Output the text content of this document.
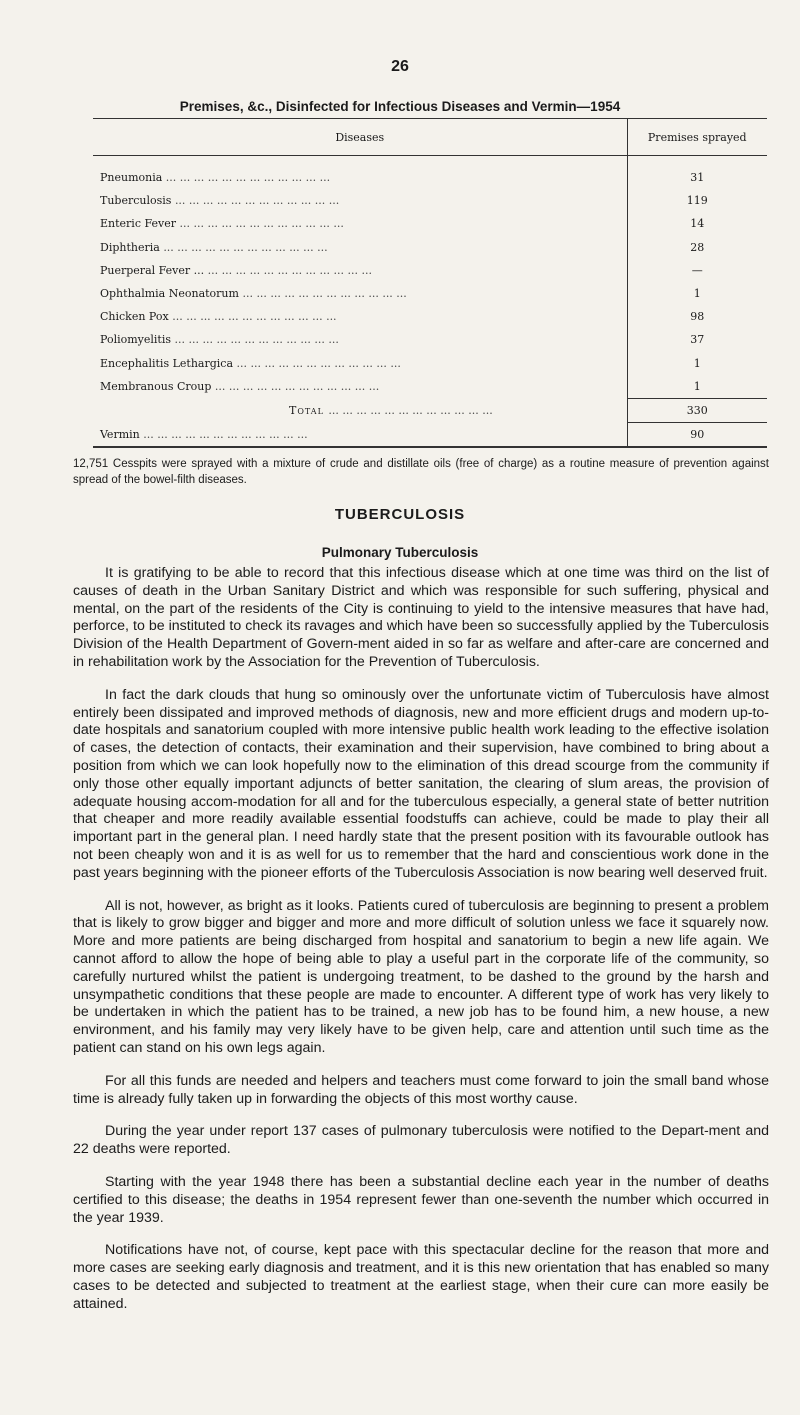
26
Premises, &c., Disinfected for Infectious Diseases and Vermin—1954
Diseases	Premises sprayed

Pneumonia ... ... ... ... ... ... ... ... ... ... ... ...	31
Tuberculosis ... ... ... ... ... ... ... ... ... ... ... ...	119
Enteric Fever ... ... ... ... ... ... ... ... ... ... ... ...	14
Diphtheria ... ... ... ... ... ... ... ... ... ... ... ...	28
Puerperal Fever ... ... ... ... ... ... ... ... ... ... ... ... ...	—
Ophthalmia Neonatorum ... ... ... ... ... ... ... ... ... ... ... ...	1
Chicken Pox ... ... ... ... ... ... ... ... ... ... ... ...	98
Poliomyelitis ... ... ... ... ... ... ... ... ... ... ... ...	37
Encephalitis Lethargica ... ... ... ... ... ... ... ... ... ... ... ...	1
Membranous Croup ... ... ... ... ... ... ... ... ... ... ... ...	1
Total ... ... ... ... ... ... ... ... ... ... ... ...	330
Vermin ... ... ... ... ... ... ... ... ... ... ... ...	90
12,751 Cesspits were sprayed with a mixture of crude and distillate oils (free of charge) as a routine measure of prevention against spread of the bowel-filth diseases.
TUBERCULOSIS
Pulmonary Tuberculosis

It is gratifying to be able to record that this infectious disease which at one time was third on the list of causes of death in the Urban Sanitary District and which was responsible for such suffering, physical and mental, on the part of the residents of the City is continuing to yield to the intensive measures that have had, perforce, to be instituted to check its ravages and which have been so successfully applied by the Tuberculosis Division of the Health Department of Govern-ment aided in so far as welfare and after-care are concerned and in rehabilitation work by the Association for the Prevention of Tuberculosis.

In fact the dark clouds that hung so ominously over the unfortunate victim of Tuberculosis have almost entirely been dissipated and improved methods of diagnosis, new and more efficient drugs and modern up-to-date hospitals and sanatorium coupled with more intensive public health work leading to the effective isolation of cases, the detection of contacts, their examination and their supervision, have combined to bring about a position from which we can look hopefully now to the elimination of this dread scourge from the community if only those other equally important adjuncts of better sanitation, the clearing of slum areas, the provision of adequate housing accom-modation for all and for the tuberculous especially, a general state of better nutrition that cheaper and more readily available essential foodstuffs can achieve, could be made to play their all important part in the general plan. I need hardly state that the present position with its favourable outlook has not been cheaply won and it is as well for us to remember that the hard and conscientious work done in the past years beginning with the pioneer efforts of the Tuberculosis Association is now bearing well deserved fruit.

All is not, however, as bright as it looks. Patients cured of tuberculosis are beginning to present a problem that is likely to grow bigger and bigger and more and more difficult of solution unless we face it squarely now. More and more patients are being discharged from hospital and sanatorium to begin a new life again. We cannot afford to allow the hope of being able to play a useful part in the corporate life of the community, so carefully nurtured whilst the patient is undergoing treatment, to be dashed to the ground by the harsh and unsympathetic conditions that these people are made to encounter. A different type of work has very likely to be undertaken in which the patient has to be trained, a new job has to be found him, a new house, a new environment, and his family may very likely have to be given help, care and attention until such time as the patient can stand on his own legs again.

For all this funds are needed and helpers and teachers must come forward to join the small band whose time is already fully taken up in forwarding the objects of this most worthy cause.

During the year under report 137 cases of pulmonary tuberculosis were notified to the Depart-ment and 22 deaths were reported.

Starting with the year 1948 there has been a substantial decline each year in the number of deaths certified to this disease; the deaths in 1954 represent fewer than one-seventh the number which occurred in the year 1939.

Notifications have not, of course, kept pace with this spectacular decline for the reason that more and more cases are seeking early diagnosis and treatment, and it is this new orientation that has enabled so many cases to be detected and subjected to treatment at the earliest stage, when their cure can more easily be attained.
